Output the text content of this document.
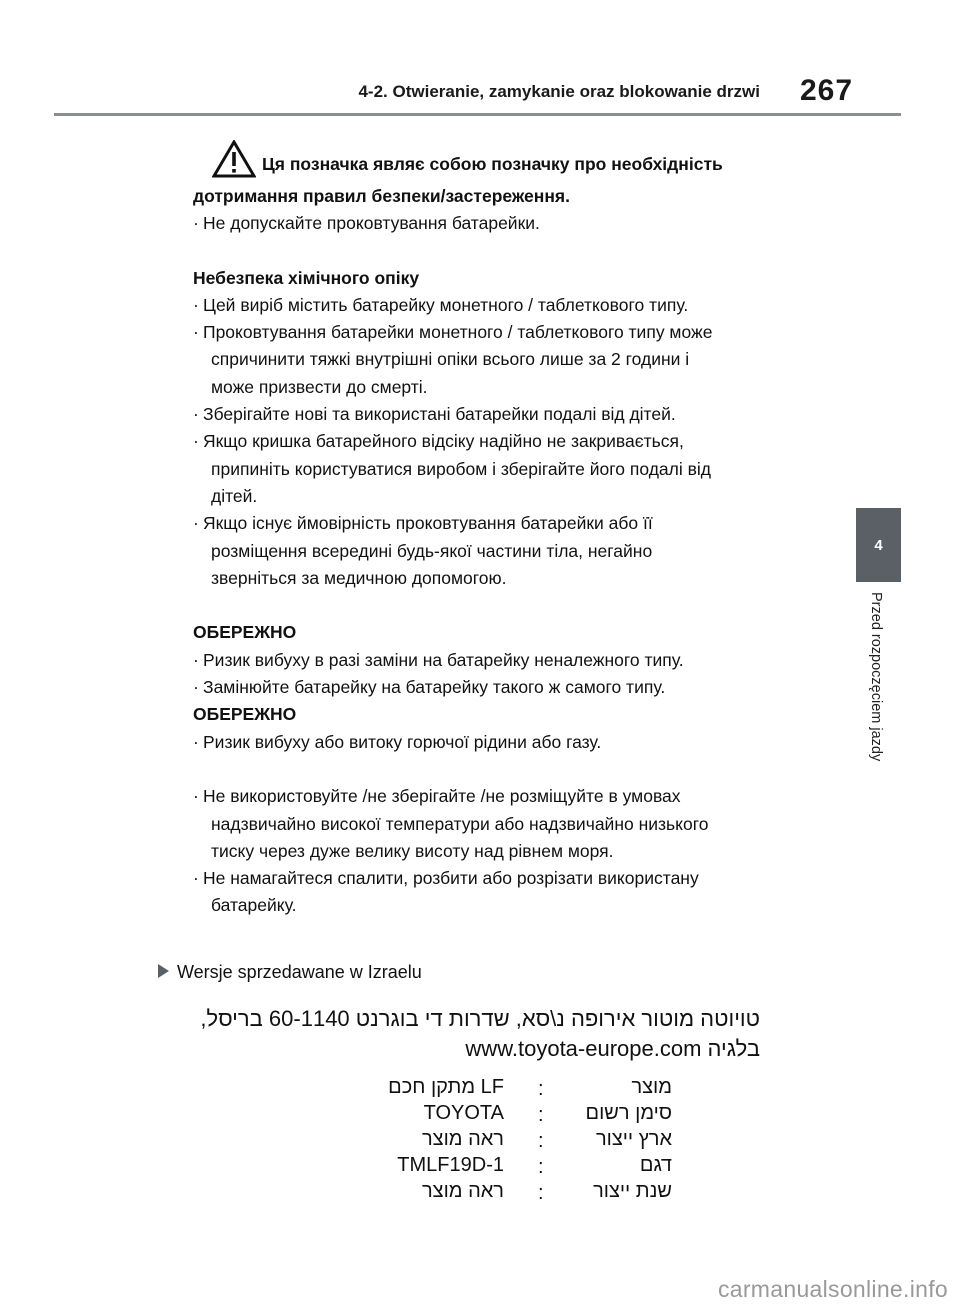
4-2. Otwieranie, zamykanie oraz blokowanie drzwi 267
4
Przed rozpoczęciem jazdy
Ця позначка являє собою позначку про необхідність
дотримання правил безпеки/застереження.
· Не допускайте проковтування батарейки.
Небезпека хімічного опіку
· Цей виріб містить батарейку монетного / таблеткового типу.
· Проковтування батарейки монетного / таблеткового типу може
спричинити тяжкі внутрішні опіки всього лише за 2 години і
може призвести до смерті.
· Зберігайте нові та використані батарейки подалі від дітей.
· Якщо кришка батарейного відсіку надійно не закривається,
припиніть користуватися виробом і зберігайте його подалі від
дітей.
· Якщо існує ймовірність проковтування батарейки або її
розміщення всередині будь-якої частини тіла, негайно
зверніться за медичною допомогою.
ОБЕРЕЖНО
· Ризик вибуху в разі заміни на батарейку неналежного типу.
· Замінюйте батарейку на батарейку такого ж самого типу.
ОБЕРЕЖНО
· Ризик вибуху або витоку горючої рідини або газу.
· Не використовуйте /не зберігайте /не розміщуйте в умовах
надзвичайно високої температури або надзвичайно низького
тиску через дуже велику висоту над рівнем моря.
· Не намагайтеся спалити, розбити або розрізати використану
батарейку.
Wersje sprzedawane w Izraelu
טויוטה מוטור אירופה נ\סא, שדרות די בוגרנט 60-1140 בריסל,
בלגיה www.toyota-europe.com
LF מתקן חכם :	מוצר
TOYOTA : סימן רשום
ראה מוצר :	ארץ ייצור
TMLF19D-1 :	דגם
ראה מוצר : שנת ייצור
carmanualsonline.info
